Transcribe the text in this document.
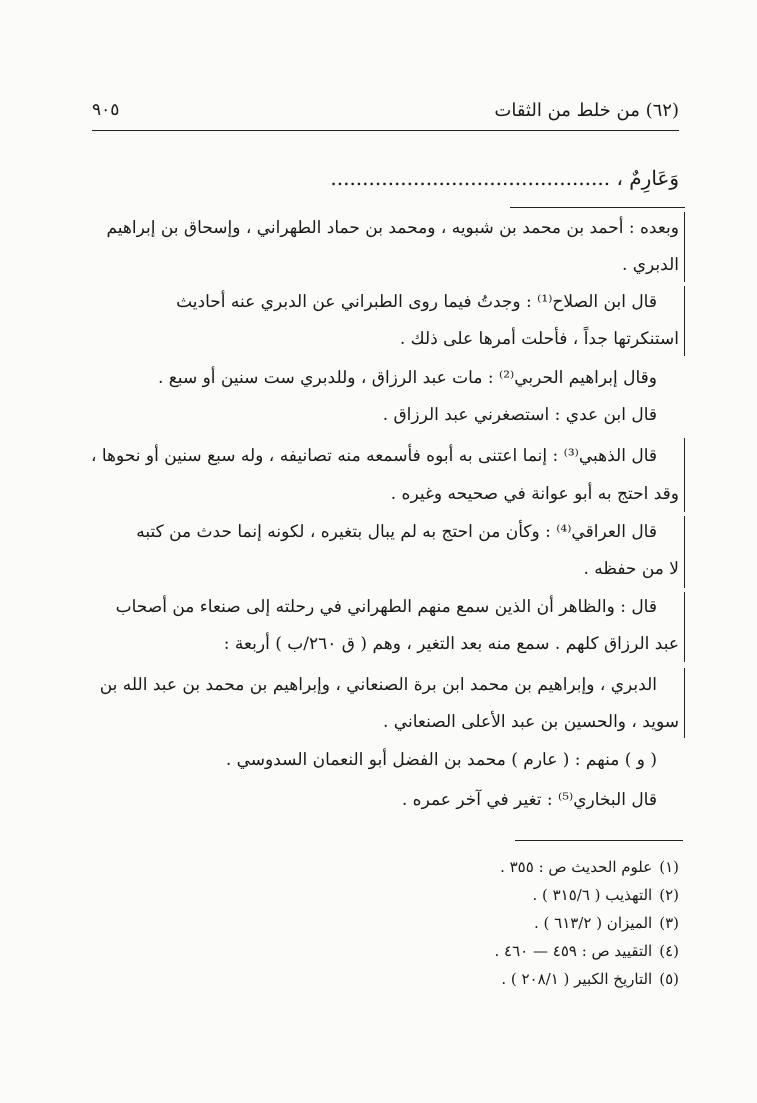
(٦٢) من خلط من الثقات
٩٠٥
وَعَارِمٌ ، ............................................
وبعده : أحمد بن محمد بن شبويه ، ومحمد بن حماد الطهراني ، وإسحاق بن إبراهيم
الدبري .
قال ابن الصلاح⁽¹⁾ : وجدتُ فيما روى الطبراني عن الدبري عنه أحاديث
استنكرتها جداً ، فأحلت أمرها على ذلك .
وقال إبراهيم الحربي⁽²⁾ : مات عبد الرزاق ، وللدبري ست سنين أو سبع .
قال ابن عدي : استصغرني عبد الرزاق .
قال الذهبي⁽³⁾ : إنما اعتنى به أبوه فأسمعه منه تصانيفه ، وله سبع سنين أو نحوها ،
وقد احتج به أبو عوانة في صحيحه وغيره .
قال العراقي⁽⁴⁾ : وكأن من احتج به لم يبال بتغيره ، لكونه إنما حدث من كتبه
لا من حفظه .
قال : والظاهر أن الذين سمع منهم الطهراني في رحلته إلى صنعاء من أصحاب
عبد الرزاق كلهم . سمع منه بعد التغير ، وهم ( ق ٢٦٠/ب ) أربعة :
الدبري ، وإبراهيم بن محمد ابن برة الصنعاني ، وإبراهيم بن محمد بن عبد الله بن
سويد ، والحسين بن عبد الأعلى الصنعاني .
( و ) منهم : ( عارم ) محمد بن الفضل أبو النعمان السدوسي .
قال البخاري⁽⁵⁾ : تغير في آخر عمره .
(١) علوم الحديث ص : ٣٥٥ .
(٢) التهذيب ( ٣١٥/٦ ) .
(٣) الميزان ( ٦١٣/٢ ) .
(٤) التقييد ص : ٤٥٩ — ٤٦٠ .
(٥) التاريخ الكبير ( ٢٠٨/١ ) .
